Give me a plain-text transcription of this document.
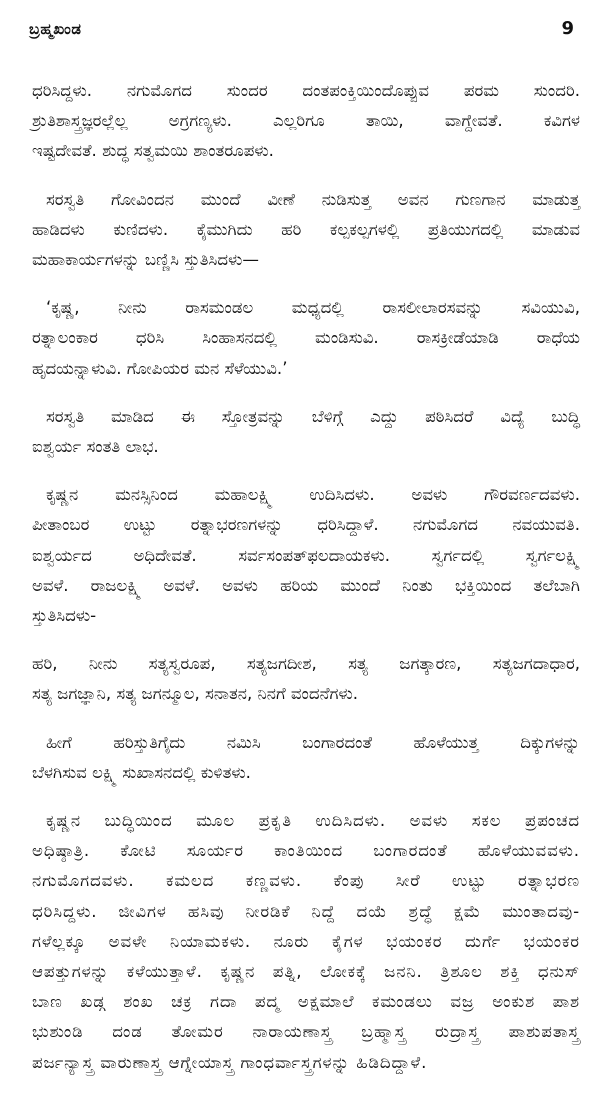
ಬ್ರಹ್ಮಖಂಡ	9
ಧರಿಸಿದ್ದಳು. ನಗುಮೊಗದ ಸುಂದರ ದಂತಪಂಕ್ತಿಯಿಂದೊಪ್ಪುವ ಪರಮ ಸುಂದರಿ.
ಶ್ರುತಿಶಾಸ್ತ್ರಜ್ಞರಲ್ಲೆಲ್ಲ ಅಗ್ರಗಣ್ಯಳು. ಎಲ್ಲರಿಗೂ ತಾಯಿ, ವಾಗ್ದೇವತೆ. ಕವಿಗಳ
ಇಷ್ಟದೇವತೆ. ಶುದ್ಧ ಸತ್ವಮಯಿ ಶಾಂತರೂಪಳು.
ಸರಸ್ವತಿ ಗೋವಿಂದನ ಮುಂದೆ ವೀಣೆ ನುಡಿಸುತ್ತ ಅವನ ಗುಣಗಾನ ಮಾಡುತ್ತ
ಹಾಡಿದಳು ಕುಣಿದಳು. ಕೈಮುಗಿದು ಹರಿ ಕಲ್ಪಕಲ್ಪಗಳಲ್ಲಿ ಪ್ರತಿಯುಗದಲ್ಲಿ ಮಾಡುವ
ಮಹಾಕಾರ್ಯಗಳನ್ನು ಬಣ್ಣಿಸಿ ಸ್ತುತಿಸಿದಳು—
‘ಕೃಷ್ಣ, ನೀನು ರಾಸಮಂಡಲ ಮಧ್ಯದಲ್ಲಿ ರಾಸಲೀಲಾರಸವನ್ನು ಸವಿಯುವಿ,
ರತ್ನಾಲಂಕಾರ ಧರಿಸಿ ಸಿಂಹಾಸನದಲ್ಲಿ ಮಂಡಿಸುವಿ. ರಾಸಕ್ರೀಡೆಯಾಡಿ ರಾಧೆಯ
ಹೃದಯನ್ನಾಳುವಿ. ಗೋಪಿಯರ ಮನ ಸೆಳೆಯುವಿ.’
ಸರಸ್ವತಿ ಮಾಡಿದ ಈ ಸ್ತೋತ್ರವನ್ನು ಬೆಳಿಗ್ಗೆ ಎದ್ದು ಪಠಿಸಿದರೆ ವಿದ್ಯೆ ಬುದ್ಧಿ
ಐಶ್ವರ್ಯ ಸಂತತಿ ಲಾಭ.
ಕೃಷ್ಣನ ಮನಸ್ಸಿನಿಂದ ಮಹಾಲಕ್ಷ್ಮಿ ಉದಿಸಿದಳು. ಅವಳು ಗೌರವರ್ಣದವಳು.
ಪೀತಾಂಬರ ಉಟ್ಟು ರತ್ನಾಭರಣಗಳನ್ನು ಧರಿಸಿದ್ದಾಳೆ. ನಗುಮೊಗದ ನವಯುವತಿ.
ಐಶ್ವರ್ಯದ ಅಧಿದೇವತೆ. ಸರ್ವಸಂಪತ್‌ಫಲದಾಯಕಳು. ಸ್ವರ್ಗದಲ್ಲಿ ಸ್ವರ್ಗಲಕ್ಷ್ಮಿ
ಅವಳೆ. ರಾಜಲಕ್ಷ್ಮಿ ಅವಳೆ. ಅವಳು ಹರಿಯ ಮುಂದೆ ನಿಂತು ಭಕ್ತಿಯಿಂದ ತಲೆಬಾಗಿ
ಸ್ತುತಿಸಿದಳು-
ಹರಿ, ನೀನು ಸತ್ಯಸ್ವರೂಪ, ಸತ್ಯಜಗದೀಶ, ಸತ್ಯ ಜಗತ್ಕಾರಣ, ಸತ್ಯಜಗದಾಧಾರ,
ಸತ್ಯ ಜಗಜ್ಞಾನಿ, ಸತ್ಯ ಜಗನ್ಮೂಲ, ಸನಾತನ, ನಿನಗೆ ವಂದನೆಗಳು.
ಹೀಗೆ ಹರಿಸ್ತುತಿಗೈದು ನಮಿಸಿ ಬಂಗಾರದಂತೆ ಹೊಳೆಯುತ್ತ ದಿಕ್ಕುಗಳನ್ನು
ಬೆಳಗಿಸುವ ಲಕ್ಷ್ಮಿ ಸುಖಾಸನದಲ್ಲಿ ಕುಳಿತಳು.
ಕೃಷ್ಣನ ಬುದ್ಧಿಯಿಂದ ಮೂಲ ಪ್ರಕೃತಿ ಉದಿಸಿದಳು. ಅವಳು ಸಕಲ ಪ್ರಪಂಚದ
ಅಧಿಷ್ಠಾತ್ರಿ. ಕೋಟಿ ಸೂರ್ಯರ ಕಾಂತಿಯಿಂದ ಬಂಗಾರದಂತೆ ಹೊಳೆಯುವವಳು.
ನಗುಮೊಗದವಳು. ಕಮಲದ ಕಣ್ಣವಳು. ಕೆಂಪು ಸೀರೆ ಉಟ್ಟು ರತ್ನಾಭರಣ
ಧರಿಸಿದ್ದಳು. ಜೀವಿಗಳ ಹಸಿವು ನೀರಡಿಕೆ ನಿದ್ದೆ ದಯೆ ಶ್ರದ್ಧೆ ಕ್ಷಮೆ ಮುಂತಾದವು-
ಗಳೆಲ್ಲಕ್ಕೂ ಅವಳೇ ನಿಯಾಮಕಳು. ನೂರು ಕೈಗಳ ಭಯಂಕರ ದುರ್ಗೆ ಭಯಂಕರ
ಆಪತ್ತುಗಳನ್ನು ಕಳೆಯುತ್ತಾಳೆ. ಕೃಷ್ಣನ ಪತ್ನಿ, ಲೋಕಕ್ಕೆ ಜನನಿ. ತ್ರಿಶೂಲ ಶಕ್ತಿ ಧನುಸ್
ಬಾಣ ಖಡ್ಗ ಶಂಖ ಚಕ್ರ ಗದಾ ಪದ್ಮ ಅಕ್ಷಮಾಲೆ ಕಮಂಡಲು ವಜ್ರ ಅಂಕುಶ ಪಾಶ
ಭುಶುಂಡಿ ದಂಡ ತೋಮರ ನಾರಾಯಣಾಸ್ತ್ರ ಬ್ರಹ್ಮಾಸ್ತ್ರ ರುದ್ರಾಸ್ತ್ರ ಪಾಶುಪತಾಸ್ತ್ರ
ಪರ್ಜನ್ಯಾಸ್ತ್ರ ವಾರುಣಾಸ್ತ್ರ ಆಗ್ನೇಯಾಸ್ತ್ರ ಗಾಂಧರ್ವಾಸ್ತ್ರಗಳನ್ನು ಹಿಡಿದಿದ್ದಾಳೆ.
